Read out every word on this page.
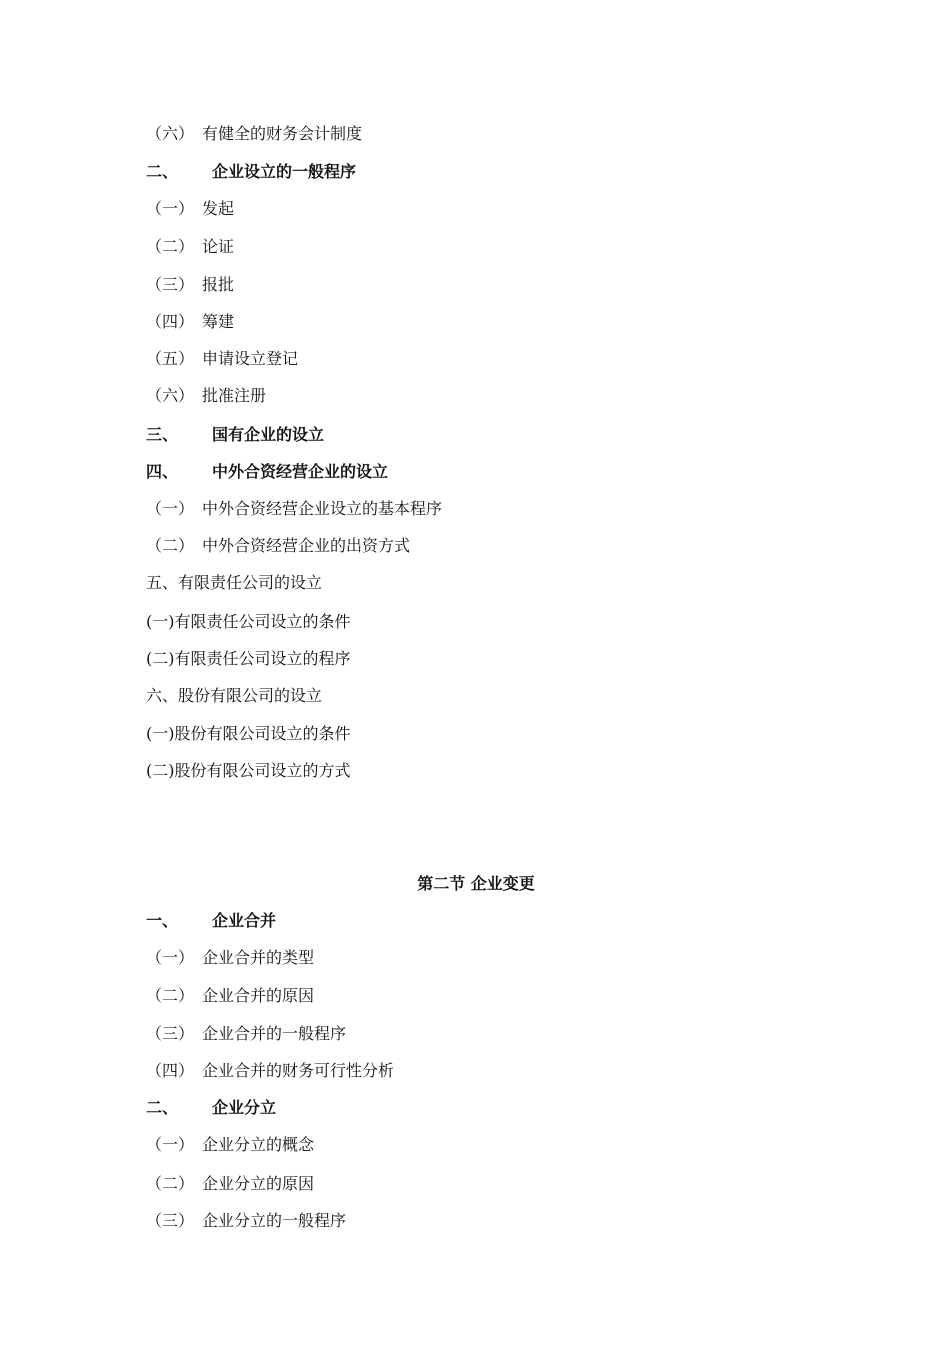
（六） 有健全的财务会计制度
二、 企业设立的一般程序
（一） 发起
（二） 论证
（三） 报批
（四） 筹建
（五） 申请设立登记
（六） 批准注册
三、 国有企业的设立
四、 中外合资经营企业的设立
（一） 中外合资经营企业设立的基本程序
（二） 中外合资经营企业的出资方式
五、有限责任公司的设立
(一)有限责任公司设立的条件
(二)有限责任公司设立的程序
六、股份有限公司的设立
(一)股份有限公司设立的条件
(二)股份有限公司设立的方式
第二节 企业变更
一、 企业合并
（一） 企业合并的类型
（二） 企业合并的原因
（三） 企业合并的一般程序
（四） 企业合并的财务可行性分析
二、 企业分立
（一） 企业分立的概念
（二） 企业分立的原因
（三） 企业分立的一般程序
